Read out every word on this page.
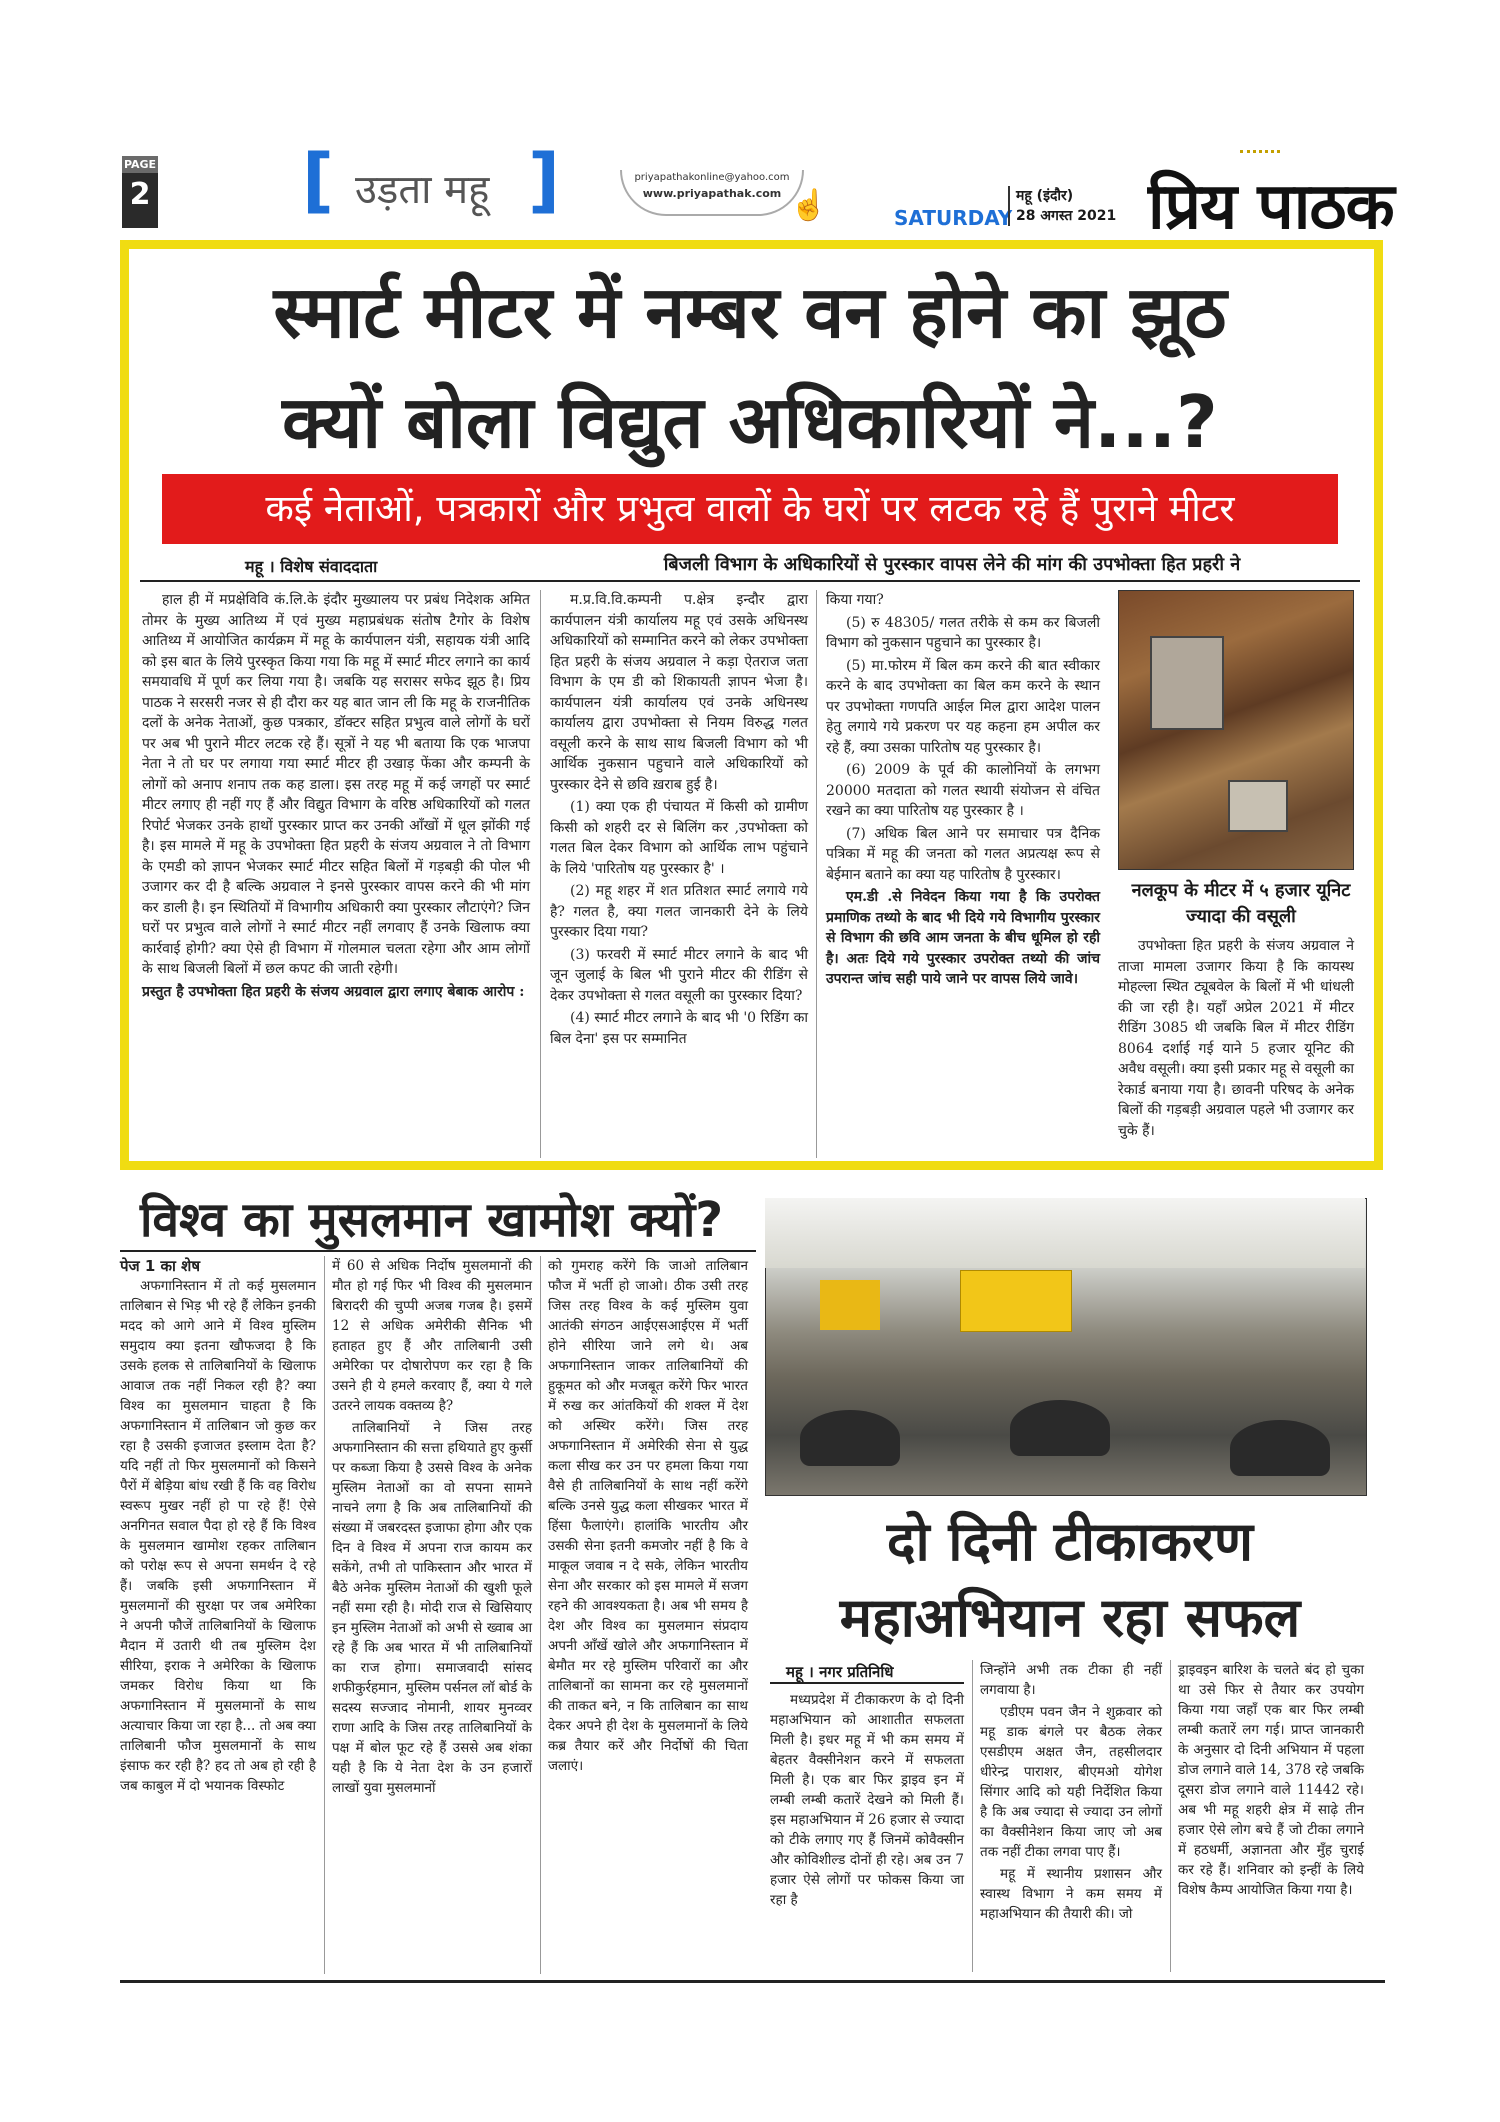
PAGE
2 [ उड़ता महू ]	priyapathakonline@yahoo.com
www.priyapathak.com ☝	SATURDAY
महू (इंदौर)
28 अगस्त 2021 प्रिय पाठक
स्मार्ट मीटर में नम्बर वन होने का झूठ
क्यों बोला विद्युत अधिकारियों ने...?
कई नेताओं, पत्रकारों और प्रभुत्व वालों के घरों पर लटक रहे हैं पुराने मीटर
महू । विशेष संवाददाता	बिजली विभाग के अधिकारियों से पुरस्कार वापस लेने की मांग की उपभोक्ता हित प्रहरी ने

हाल ही में मप्रक्षेविवि कं.लि.के इंदौर मुख्यालय पर प्रबंध निदेशक अमित तोमर के मुख्य आतिथ्य में एवं मुख्य महाप्रबंधक संतोष टैगोर के विशेष आतिथ्य में आयोजित कार्यक्रम में महू के कार्यपालन यंत्री, सहायक यंत्री आदि को इस बात के लिये पुरस्कृत किया गया कि महू में स्मार्ट मीटर लगाने का कार्य समयावधि में पूर्ण कर लिया गया है। जबकि यह सरासर सफेद झूठ है। प्रिय पाठक ने सरसरी नजर से ही दौरा कर यह बात जान ली कि महू के राजनीतिक दलों के अनेक नेताओं, कुछ पत्रकार, डॉक्टर सहित प्रभुत्व वाले लोगों के घरों पर अब भी पुराने मीटर लटक रहे हैं। सूत्रों ने यह भी बताया कि एक भाजपा नेता ने तो घर पर लगाया गया स्मार्ट मीटर ही उखाड़ फेंका और कम्पनी के लोगों को अनाप शनाप तक कह डाला। इस तरह महू में कई जगहों पर स्मार्ट मीटर लगाए ही नहीं गए हैं और विद्युत विभाग के वरिष्ठ अधिकारियों को गलत रिपोर्ट भेजकर उनके हाथों पुरस्कार प्राप्त कर उनकी आँखों में धूल झोंकी गई है। इस मामले में महू के उपभोक्ता हित प्रहरी के संजय अग्रवाल ने तो विभाग के एमडी को ज्ञापन भेजकर स्मार्ट मीटर सहित बिलों में गड़बड़ी की पोल भी उजागर कर दी है बल्कि अग्रवाल ने इनसे पुरस्कार वापस करने की भी मांग कर डाली है। इन स्थितियों में विभागीय अधिकारी क्या पुरस्कार लौटाएंगे? जिन घरों पर प्रभुत्व वाले लोगों ने स्मार्ट मीटर नहीं लगवाए हैं उनके खिलाफ क्या कार्रवाई होगी? क्या ऐसे ही विभाग में गोलमाल चलता रहेगा और आम लोगों के साथ बिजली बिलों में छल कपट की जाती रहेगी।

प्रस्तुत है उपभोक्ता हित प्रहरी के संजय अग्रवाल द्वारा लगाए बेबाक आरोप :

म.प्र.वि.वि.कम्पनी प.क्षेत्र इन्दौर द्वारा कार्यपालन यंत्री कार्यालय महू एवं उसके अधिनस्थ अधिकारियों को सम्मानित करने को लेकर उपभोक्ता हित प्रहरी के संजय अग्रवाल ने कड़ा ऐतराज जता विभाग के एम डी को शिकायती ज्ञापन भेजा है। कार्यपालन यंत्री कार्यालय एवं उनके अधिनस्थ कार्यालय द्वारा उपभोक्ता से नियम विरुद्ध गलत वसूली करने के साथ साथ बिजली विभाग को भी आर्थिक नुकसान पहुचाने वाले अधिकारियों को पुरस्कार देने से छवि ख़राब हुई है।

(1) क्या एक ही पंचायत में किसी को ग्रामीण किसी को शहरी दर से बिलिंग कर ,उपभोक्ता को गलत बिल देकर विभाग को आर्थिक लाभ पहुंचाने के लिये 'पारितोष यह पुरस्कार है' ।

(2) महू शहर में शत प्रतिशत स्मार्ट लगाये गये है? गलत है, क्या गलत जानकारी देने के लिये पुरस्कार दिया गया?

(3) फरवरी में स्मार्ट मीटर लगाने के बाद भी जून जुलाई के बिल भी पुराने मीटर की रीडिंग से देकर उपभोक्ता से गलत वसूली का पुरस्कार दिया?

(4) स्मार्ट मीटर लगाने के बाद भी '0 रिडिंग का बिल देना' इस पर सम्मानित

किया गया?

(5) रु 48305/ गलत तरीके से कम कर बिजली विभाग को नुकसान पहुचाने का पुरस्कार है।

(5) मा.फोरम में बिल कम करने की बात स्वीकार करने के बाद उपभोक्ता का बिल कम करने के स्थान पर उपभोक्ता गणपति आईल मिल द्वारा आदेश पालन हेतु लगाये गये प्रकरण पर यह कहना हम अपील कर रहे हैं, क्या उसका पारितोष यह पुरस्कार है।

(6) 2009 के पूर्व की कालोनियों के लगभग 20000 मतदाता को गलत स्थायी संयोजन से वंचित रखने का क्या पारितोष यह पुरस्कार है ।

(7) अधिक बिल आने पर समाचार पत्र दैनिक पत्रिका में महू की जनता को गलत अप्रत्यक्ष रूप से बेईमान बताने का क्या यह पारितोष है पुरस्कार।

एम.डी .से निवेदन किया गया है कि उपरोक्त प्रमाणिक तथ्यो के बाद भी दिये गये विभागीय पुरस्कार से विभाग की छवि आम जनता के बीच धूमिल हो रही है। अतः दिये गये पुरस्कार उपरोक्त तथ्यो की जांच उपरान्त जांच सही पाये जाने पर वापस लिये जावे।

नलकूप के मीटर में ५ हजार यूनिट ज्यादा की वसूली

उपभोक्ता हित प्रहरी के संजय अग्रवाल ने ताजा मामला उजागर किया है कि कायस्थ मोहल्ला स्थित ट्यूबवेल के बिलों में भी धांधली की जा रही है। यहाँ अप्रेल 2021 में मीटर रीडिंग 3085 थी जबकि बिल में मीटर रीडिंग 8064 दर्शाई गई याने 5 हजार यूनिट की अवैध वसूली। क्या इसी प्रकार महू से वसूली का रेकार्ड बनाया गया है। छावनी परिषद के अनेक बिलों की गड़बड़ी अग्रवाल पहले भी उजागर कर चुके हैं।

विश्व का मुसलमान खामोश क्यों?
पेज 1 का शेष

अफगानिस्तान में तो कई मुसलमान तालिबान से भिड़ भी रहे हैं लेकिन इनकी मदद को आगे आने में विश्व मुस्लिम समुदाय क्या इतना खौफजदा है कि उसके हलक से तालिबानियों के खिलाफ आवाज तक नहीं निकल रही है? क्या विश्व का मुसलमान चाहता है कि अफगानिस्तान में तालिबान जो कुछ कर रहा है उसकी इजाजत इस्लाम देता है? यदि नहीं तो फिर मुसलमानों को किसने पैरों में बेड़िया बांध रखी हैं कि वह विरोध स्वरूप मुखर नहीं हो पा रहे हैं! ऐसे अनगिनत सवाल पैदा हो रहे हैं कि विश्व के मुसलमान खामोश रहकर तालिबान को परोक्ष रूप से अपना समर्थन दे रहे हैं। जबकि इसी अफगानिस्तान में मुसलमानों की सुरक्षा पर जब अमेरिका ने अपनी फौजें तालिबानियों के खिलाफ मैदान में उतारी थी तब मुस्लिम देश सीरिया, इराक ने अमेरिका के खिलाफ जमकर विरोध किया था कि अफगानिस्तान में मुसलमानों के साथ अत्याचार किया जा रहा है... तो अब क्या तालिबानी फौज मुसलमानों के साथ इंसाफ कर रही है? हद तो अब हो रही है जब काबुल में दो भयानक विस्फोट

में 60 से अधिक निर्दोष मुसलमानों की मौत हो गई फिर भी विश्व की मुसलमान बिरादरी की चुप्पी अजब गजब है। इसमें 12 से अधिक अमेरीकी सैनिक भी हताहत हुए हैं और तालिबानी उसी अमेरिका पर दोषारोपण कर रहा है कि उसने ही ये हमले करवाए हैं, क्या ये गले उतरने लायक वक्तव्य है?

तालिबानियों ने जिस तरह अफगानिस्तान की सत्ता हथियाते हुए कुर्सी पर कब्जा किया है उससे विश्व के अनेक मुस्लिम नेताओं का वो सपना सामने नाचने लगा है कि अब तालिबानियों की संख्या में जबरदस्त इजाफा होगा और एक दिन वे विश्व में अपना राज कायम कर सकेंगे, तभी तो पाकिस्तान और भारत में बैठे अनेक मुस्लिम नेताओं की खुशी फूले नहीं समा रही है। मोदी राज से खिसियाए इन मुस्लिम नेताओं को अभी से ख्वाब आ रहे हैं कि अब भारत में भी तालिबानियों का राज होगा। समाजवादी सांसद शफीकुर्रहमान, मुस्लिम पर्सनल लॉ बोर्ड के सदस्य सज्जाद नोमानी, शायर मुनव्वर राणा आदि के जिस तरह तालिबानियों के पक्ष में बोल फूट रहे हैं उससे अब शंका यही है कि ये नेता देश के उन हजारों लाखों युवा मुसलमानों

को गुमराह करेंगे कि जाओ तालिबान फौज में भर्ती हो जाओ। ठीक उसी तरह जिस तरह विश्व के कई मुस्लिम युवा आतंकी संगठन आईएसआईएस में भर्ती होने सीरिया जाने लगे थे। अब अफगानिस्तान जाकर तालिबानियों की हुकूमत को और मजबूत करेंगे फिर भारत में रुख कर आंतकियों की शक्ल में देश को अस्थिर करेंगे। जिस तरह अफगानिस्तान में अमेरिकी सेना से युद्ध कला सीख कर उन पर हमला किया गया वैसे ही तालिबानियों के साथ नहीं करेंगे बल्कि उनसे युद्ध कला सीखकर भारत में हिंसा फैलाएंगे। हालांकि भारतीय और उसकी सेना इतनी कमजोर नहीं है कि वे माकूल जवाब न दे सके, लेकिन भारतीय सेना और सरकार को इस मामले में सजग रहने की आवश्यकता है। अब भी समय है देश और विश्व का मुसलमान संप्रदाय अपनी आँखें खोले और अफगानिस्तान में बेमौत मर रहे मुस्लिम परिवारों का और तालिबानों का सामना कर रहे मुसलमानों की ताकत बने, न कि तालिबान का साथ देकर अपने ही देश के मुसलमानों के लिये कब्र तैयार करें और निर्दोषों की चिता जलाएं।

दो दिनी टीकाकरण
महाअभियान रहा सफल
महू । नगर प्रतिनिधि

मध्यप्रदेश में टीकाकरण के दो दिनी महाअभियान को आशातीत सफलता मिली है। इधर महू में भी कम समय में बेहतर वैक्सीनेशन करने में सफलता मिली है। एक बार फिर ड्राइव इन में लम्बी लम्बी कतारें देखने को मिली हैं। इस महाअभियान में 26 हजार से ज्यादा को टीके लगाए गए हैं जिनमें कोवैक्सीन और कोविशील्ड दोनों ही रहे। अब उन 7 हजार ऐसे लोगों पर फोकस किया जा रहा है

जिन्होंने अभी तक टीका ही नहीं लगवाया है।

एडीएम पवन जैन ने शुक्रवार को महू डाक बंगले पर बैठक लेकर एसडीएम अक्षत जैन, तहसीलदार धीरेन्द्र पाराशर, बीएमओ योगेश सिंगार आदि को यही निर्देशित किया है कि अब ज्यादा से ज्यादा उन लोगों का वैक्सीनेशन किया जाए जो अब तक नहीं टीका लगवा पाए हैं।

महू में स्थानीय प्रशासन और स्वास्थ विभाग ने कम समय में महाअभियान की तैयारी की। जो

ड्राइवइन बारिश के चलते बंद हो चुका था उसे फिर से तैयार कर उपयोग किया गया जहाँ एक बार फिर लम्बी लम्बी कतारें लग गई। प्राप्त जानकारी के अनुसार दो दिनी अभियान में पहला डोज लगाने वाले 14, 378 रहे जबकि दूसरा डोज लगाने वाले 11442 रहे। अब भी महू शहरी क्षेत्र में साढ़े तीन हजार ऐसे लोग बचे हैं जो टीका लगाने में हठधर्मी, अज्ञानता और मुँह चुराई कर रहे हैं। शनिवार को इन्हीं के लिये विशेष कैम्प आयोजित किया गया है।
